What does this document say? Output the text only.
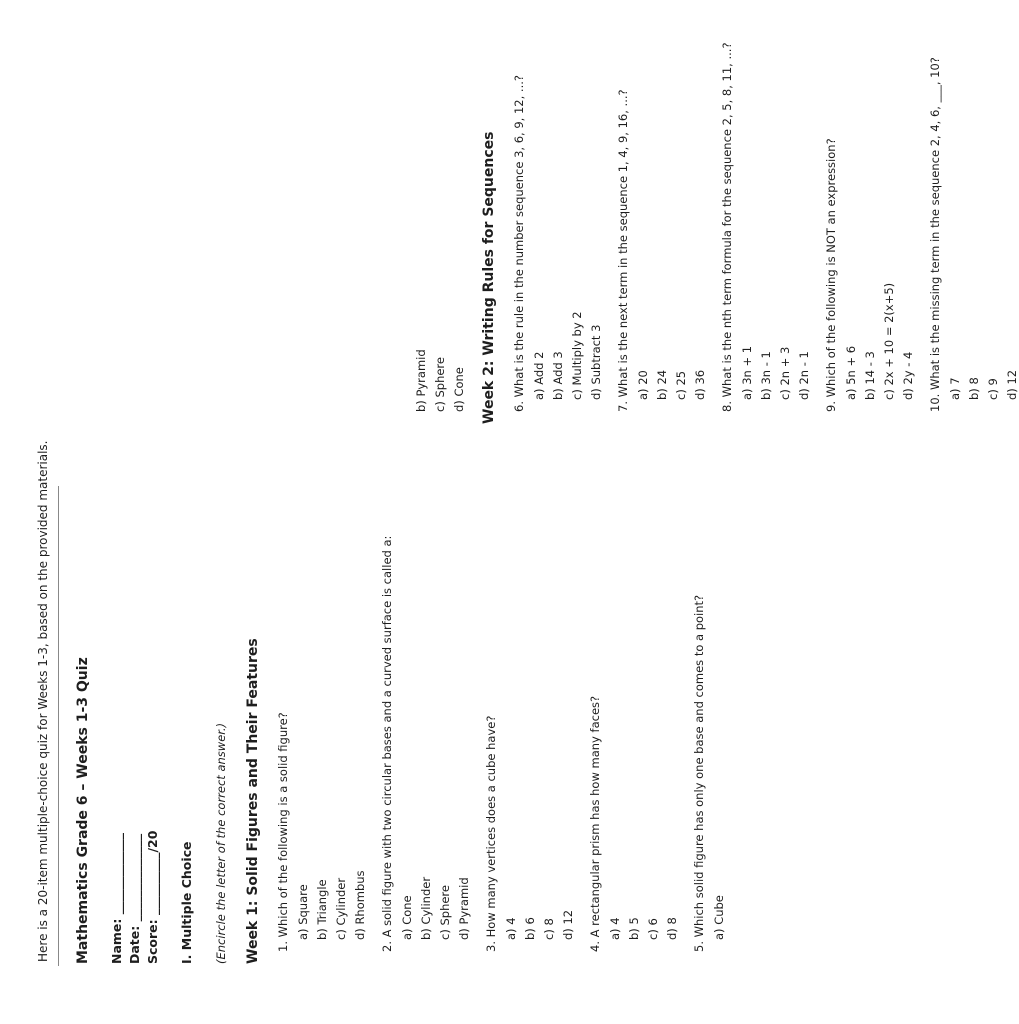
Here is a 20-item multiple-choice quiz for Weeks 1-3, based on the provided materials. Mathematics Grade 6 – Weeks 1-3 Quiz Name: _____________ Date: ______________ Score: __________/20 I. Multiple Choice (Encircle the letter of the correct answer.) Week 1: Solid Figures and Their Features 1. Which of the following is a solid figure? a) Square b) Triangle c) Cylinder d) Rhombus 2. A solid figure with two circular bases and a curved surface is called a: a) Cone b) Cylinder c) Sphere d) Pyramid 3. How many vertices does a cube have? a) 4 b) 6 c) 8 d) 12 4. A rectangular prism has how many faces? a) 4 b) 5 c) 6 d) 8 5. Which solid figure has only one base and comes to a point? a) Cube
b) Pyramid c) Sphere d) Cone Week 2: Writing Rules for Sequences 6. What is the rule in the number sequence 3, 6, 9, 12, ...? a) Add 2 b) Add 3 c) Multiply by 2 d) Subtract 3 7. What is the next term in the sequence 1, 4, 9, 16, ...? a) 20 b) 24 c) 25 d) 36 8. What is the nth term formula for the sequence 2, 5, 8, 11, ...? a) 3n + 1 b) 3n - 1 c) 2n + 3 d) 2n - 1 9. Which of the following is NOT an expression? a) 5n + 6 b) 14 - 3 c) 2x + 10 = 2(x+5) d) 2y - 4 10. What is the missing term in the sequence 2, 4, 6, ___, 10? a) 7 b) 8 c) 9 d) 12
